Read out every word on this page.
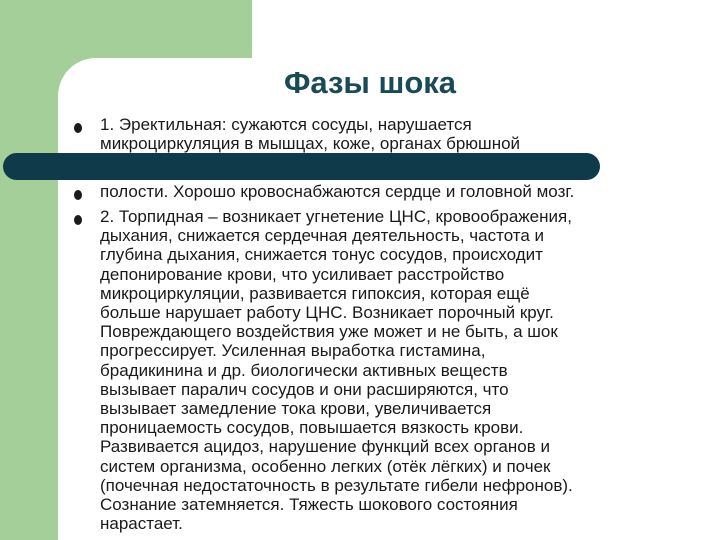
Фазы шока
1. Эректильная: сужаются сосуды, нарушается
микроциркуляция в мышцах, коже, органах брюшной
полости. Хорошо кровоснабжаются сердце и головной мозг.
2. Торпидная – возникает угнетение ЦНС, кровоображения,
дыхания, снижается сердечная деятельность, частота и
глубина дыхания, снижается тонус сосудов, происходит
депонирование крови, что усиливает расстройство
микроциркуляции, развивается гипоксия, которая ещё
больше нарушает работу ЦНС. Возникает порочный круг.
Повреждающего воздействия уже может и не быть, а шок
прогрессирует. Усиленная выработка гистамина,
брадикинина и др. биологически активных веществ
вызывает паралич сосудов и они расширяются, что
вызывает замедление тока крови, увеличивается
проницаемость сосудов, повышается вязкость крови.
Развивается ацидоз, нарушение функций всех органов и
систем организма, особенно легких (отёк лёгких) и почек
(почечная недостаточность в результате гибели нефронов).
Сознание затемняется. Тяжесть шокового состояния
нарастает.
